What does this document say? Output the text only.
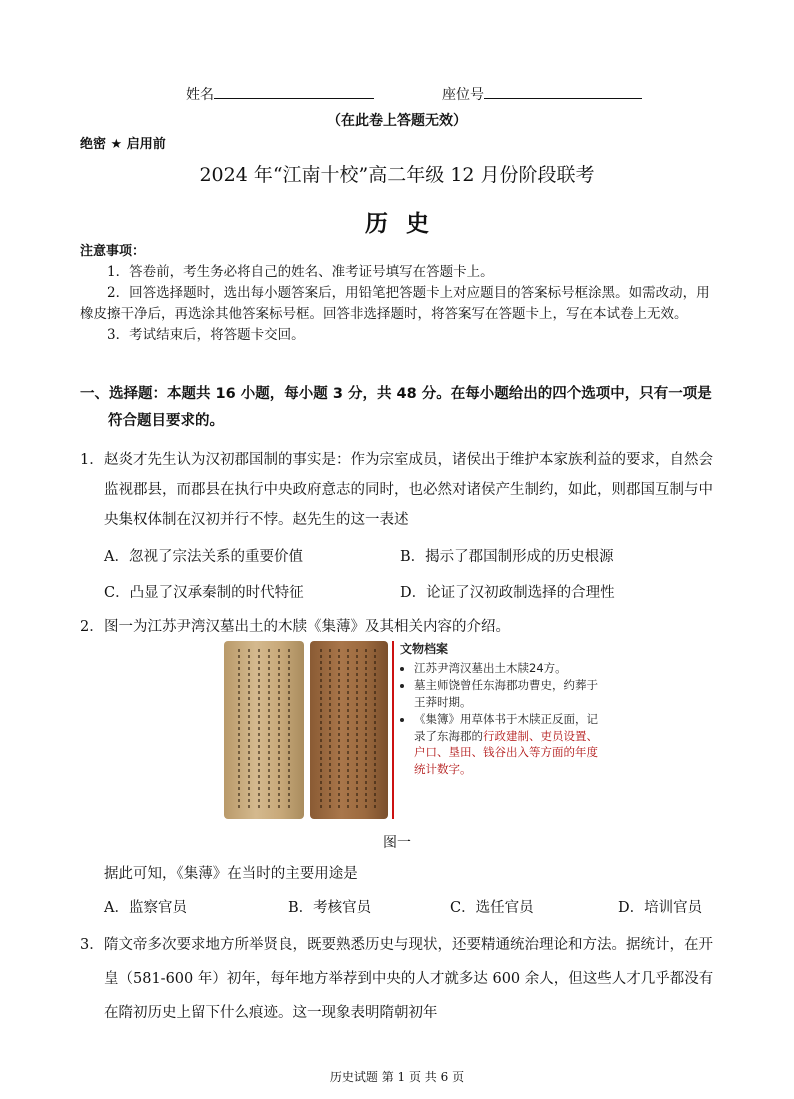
姓名	座位号
（在此卷上答题无效）
绝密 ★ 启用前
2024 年“江南十校”高二年级 12 月份阶段联考
历史
注意事项：

1．答卷前，考生务必将自己的姓名、准考证号填写在答题卡上。

2．回答选择题时，选出每小题答案后，用铅笔把答题卡上对应题目的答案标号框涂黑。如需改动，用橡皮擦干净后，再选涂其他答案标号框。回答非选择题时，将答案写在答题卡上，写在本试卷上无效。

3．考试结束后，将答题卡交回。

一、选择题：本题共 16 小题，每小题 3 分，共 48 分。在每小题给出的四个选项中，只有一项是
符合题目要求的。
1． 赵炎才先生认为汉初郡国制的事实是：作为宗室成员，诸侯出于维护本家族利益的要求，自然会监视郡县，而郡县在执行中央政府意志的同时，也必然对诸侯产生制约，如此，则郡国互制与中央集权体制在汉初并行不悖。赵先生的这一表述
A．忽视了宗法关系的重要价值	B．揭示了郡国制形成的历史根源
C．凸显了汉承秦制的时代特征	D．论证了汉初政制选择的合理性
2． 图一为江苏尹湾汉墓出土的木牍《集薄》及其相关内容的介绍。
文物档案
• 江苏尹湾汉墓出土木牍24方。
• 墓主师饶曾任东海郡功曹史，约葬于王莽时期。
• 《集簿》用草体书于木牍正反面，记录了东海郡的行政建制、吏员设置、户口、垦田、钱谷出入等方面的年度统计数字。
图一
据此可知，《集薄》在当时的主要用途是
A．监察官员	B．考核官员	C．选任官员	D．培训官员
3． 隋文帝多次要求地方所举贤良，既要熟悉历史与现状，还要精通统治理论和方法。据统计，在开皇（581-600 年）初年，每年地方举荐到中央的人才就多达 600 余人，但这些人才几乎都没有在隋初历史上留下什么痕迹。这一现象表明隋朝初年
历史试题 第 1 页 共 6 页
